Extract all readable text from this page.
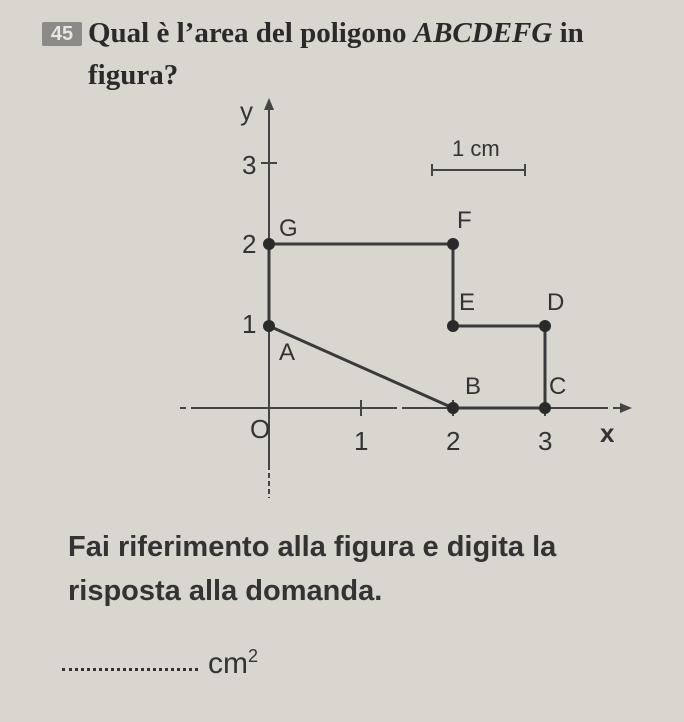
45 Qual è l’area del poligono ABCDEFG in figura?
A
B	C
D
E
F
G
y
x
O	1	2	3
1
2
3
1 cm
Fai riferimento alla figura e digita la risposta alla domanda.
$cm^2$
